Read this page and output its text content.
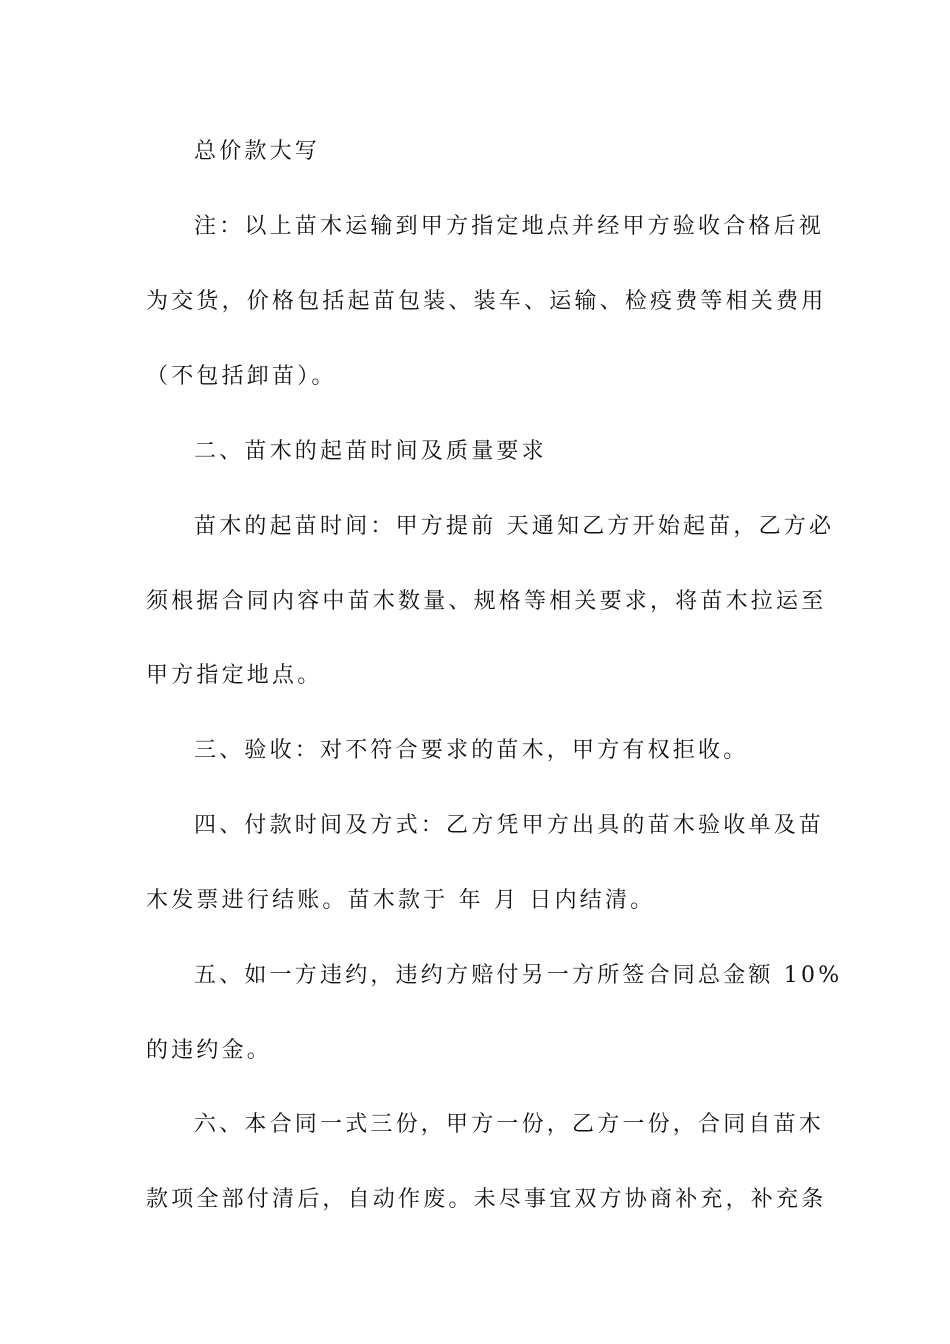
总价款大写
注：以上苗木运输到甲方指定地点并经甲方验收合格后视
为交货，价格包括起苗包装、装车、运输、检疫费等相关费用
（不包括卸苗）。
二、苗木的起苗时间及质量要求
苗木的起苗时间：甲方提前 天通知乙方开始起苗，乙方必
须根据合同内容中苗木数量、规格等相关要求，将苗木拉运至
甲方指定地点。
三、验收：对不符合要求的苗木，甲方有权拒收。
四、付款时间及方式：乙方凭甲方出具的苗木验收单及苗
木发票进行结账。苗木款于 年 月 日内结清。
五、如一方违约，违约方赔付另一方所签合同总金额 10%
的违约金。
六、本合同一式三份，甲方一份，乙方一份，合同自苗木
款项全部付清后，自动作废。未尽事宜双方协商补充，补充条
